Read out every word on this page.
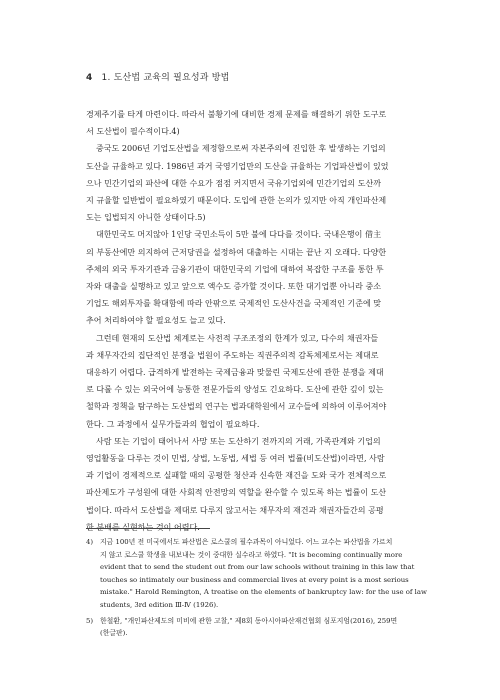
4 1. 도산법 교육의 필요성과 방법

경제주기를 타게 마련이다. 따라서 불황기에 대비한 경제 문제를 해결하기 위한 도구로
서 도산법이 필수적이다.4)

중국도 2006년 기업도산법을 제정함으로써 자본주의에 진입한 후 발생하는 기업의
도산을 규율하고 있다. 1986년 과거 국영기업만의 도산을 규율하는 기업파산법이 있었
으나 민간기업의 파산에 대한 수요가 점점 커지면서 국유기업외에 민간기업의 도산까
지 규율할 일반법이 필요하였기 때문이다. 도입에 관한 논의가 있지만 아직 개인파산제
도는 입법되지 아니한 상태이다.5)

대한민국도 머지않아 1인당 국민소득이 5만 불에 다다를 것이다. 국내은행이 借主
의 부동산에만 의지하여 근저당권을 설정하여 대출하는 시대는 끝난 지 오래다. 다양한
주체의 외국 투자기관과 금융기관이 대한민국의 기업에 대하여 복잡한 구조를 통한 투
자와 대출을 실행하고 있고 앞으로 액수도 증가할 것이다. 또한 대기업뿐 아니라 중소
기업도 해외투자를 확대함에 따라 안팎으로 국제적인 도산사건을 국제적인 기준에 맞
추어 처리하여야 할 필요성도 늘고 있다.

그런데 현재의 도산법 체계로는 사전적 구조조정의 한계가 있고, 다수의 채권자들
과 채무자간의 집단적인 분쟁을 법원이 주도하는 직권주의적 감독체제로서는 제대로
대응하기 어렵다. 급격하게 발전하는 국제금융과 맞물린 국제도산에 관한 분쟁을 제대
로 다룰 수 있는 외국어에 능통한 전문가들의 양성도 긴요하다. 도산에 관한 깊이 있는
철학과 정책을 탐구하는 도산법의 연구는 법과대학원에서 교수들에 의하여 이루어져야
한다. 그 과정에서 실무가들과의 협업이 필요하다.

사람 또는 기업이 태어나서 사망 또는 도산하기 전까지의 거래, 가족관계와 기업의
영업활동을 다루는 것이 민법, 상법, 노동법, 세법 등 여러 법률(비도산법)이라면, 사람
과 기업이 경제적으로 실패할 때의 공평한 청산과 신속한 재건을 도와 국가 전체적으로
파산제도가 구성원에 대한 사회적 안전망의 역할을 완수할 수 있도록 하는 법률이 도산
법이다. 따라서 도산법을 제대로 다루지 않고서는 채무자의 재건과 채권자들간의 공평
한 분배를 실현하는 것이 어렵다.

4)	지금 100년 전 미국에서도 파산법은 로스쿨의 필수과목이 아니었다. 어느 교수는 파산법을 가르치
지 않고 로스쿨 학생을 내보내는 것이 중대한 실수라고 하였다. "It is becoming continually more
evident that to send the student out from our law schools without training in this law that
touches so intimately our business and commercial lives at every point is a most serious
mistake." Harold Remington, A treatise on the elements of bankruptcy law: for the use of law
students, 3rd edition Ⅲ-Ⅳ (1926).
5)	한철환, "개인파산제도의 미비에 관한 고찰," 제8회 동아시아파산재건협회 심포지엄(2016), 259면
(한글판).
